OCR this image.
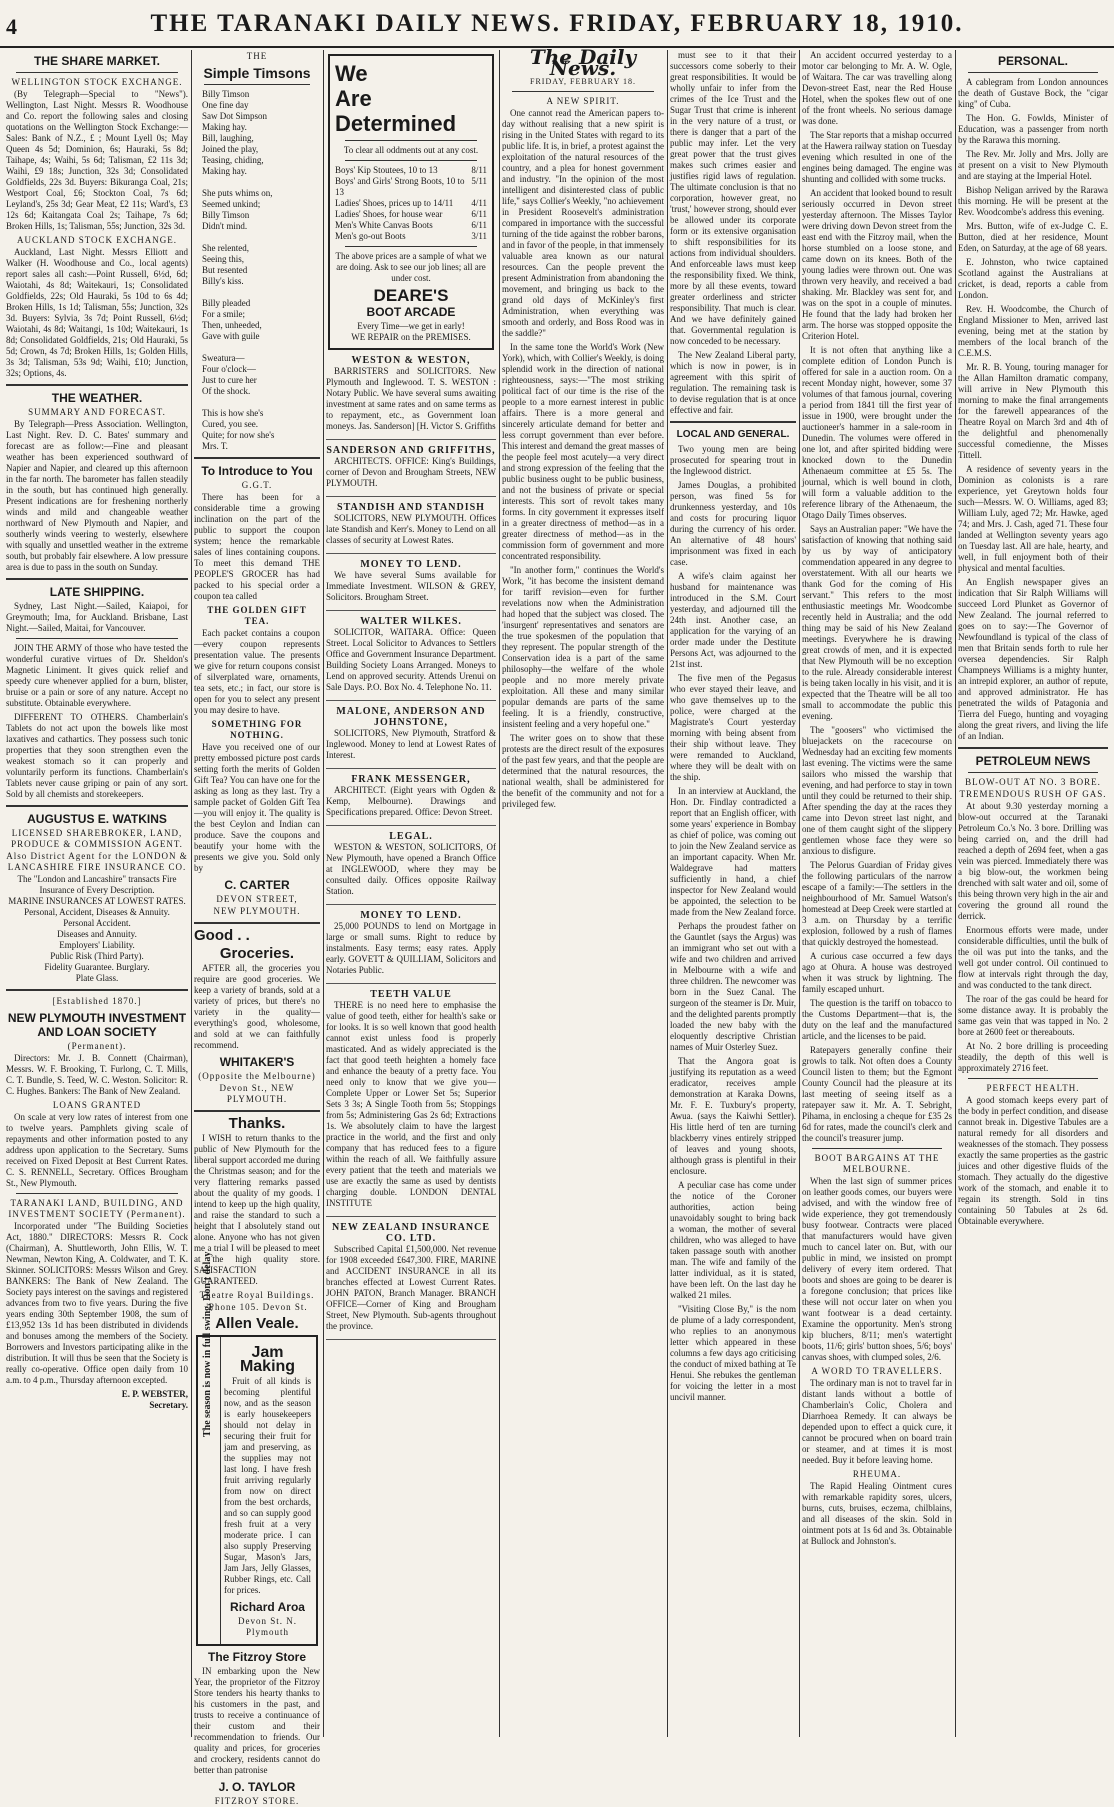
4	THE TARANAKI DAILY NEWS. FRIDAY, FEBRUARY 18, 1910.
THE SHARE MARKET.
WELLINGTON STOCK EXCHANGE.
(By Telegraph—Special to "News"). Wellington, Last Night. Messrs R. Woodhouse and Co. report the following sales and closing quotations on the Wellington Stock Exchange:—Sales: Bank of N.Z., £ ; Mount Lyell 0s; May Queen 4s 5d; Dominion, 6s; Hauraki, 5s 8d; Taihape, 4s; Waihi, 5s 6d; Talisman, £2 11s 3d; Waihi, £9 18s; Junction, 32s 3d; Consolidated Goldfields, 22s 3d. Buyers: Bikuranga Coal, 21s; Westport Coal, £6; Stockton Coal, 7s 6d; Leyland's, 25s 3d; Gear Meat, £2 11s; Ward's, £3 12s 6d; Kaitangata Coal 2s; Taihape, 7s 6d; Broken Hills, 1s; Talisman, 55s; Junction, 32s 3d.
AUCKLAND STOCK EXCHANGE.
Auckland, Last Night. Messrs Elliott and Walker (H. Woodhouse and Co., local agents) report sales all cash:—Point Russell, 6½d, 6d; Waiotahi, 4s 8d; Waitekauri, 1s; Consolidated Goldfields, 22s; Old Hauraki, 5s 10d to 6s 4d; Broken Hills, 1s 1d; Talisman, 55s; Junction, 32s 3d. Buyers: Sylvia, 3s 7d; Point Russell, 6½d; Waiotahi, 4s 8d; Waitangi, 1s 10d; Waitekauri, 1s 8d; Consolidated Goldfields, 21s; Old Hauraki, 5s 5d; Crown, 4s 7d; Broken Hills, 1s; Golden Hills, 3s 3d; Talisman, 53s 9d; Waihi, £10; Junction, 32s; Options, 4s.
THE WEATHER.
SUMMARY AND FORECAST.
By Telegraph—Press Association. Wellington, Last Night. Rev. D. C. Bates' summary and forecast are as follow:—Fine and pleasant weather has been experienced southward of Napier and Napier, and cleared up this afternoon in the far north. The barometer has fallen steadily in the south, but has continued high generally. Present indications are for freshening northerly winds and mild and changeable weather northward of New Plymouth and Napier, and southerly winds veering to westerly, elsewhere with squally and unsettled weather in the extreme south, but probably fair elsewhere. A low pressure area is due to pass in the south on Sunday.
LATE SHIPPING.
Sydney, Last Night.—Sailed, Kaiapoi, for Greymouth; Ima, for Auckland. Brisbane, Last Night.—Sailed, Maitai, for Vancouver.
JOIN THE ARMY of those who have tested the wonderful curative virtues of Dr. Sheldon's Magnetic Liniment. It gives quick relief and speedy cure whenever applied for a burn, blister, bruise or a pain or sore of any nature. Accept no substitute. Obtainable everywhere.
DIFFERENT TO OTHERS. Chamberlain's Tablets do not act upon the bowels like most laxatives and cathartics. They possess such tonic properties that they soon strengthen even the weakest stomach so it can properly and voluntarily perform its functions. Chamberlain's Tablets never cause griping or pain of any sort. Sold by all chemists and storekeepers.
AUGUSTUS E. WATKINS
LICENSED SHAREBROKER, LAND, PRODUCE & COMMISSION AGENT.
Also District Agent for the LONDON & LANCASHIRE FIRE INSURANCE CO.
The "London and Lancashire" transacts Fire Insurance of Every Description.
MARINE INSURANCES AT LOWEST RATES.
Personal, Accident, Diseases & Annuity.
Personal Accident.
Diseases and Annuity.
Employers' Liability.
Public Risk (Third Party).
Fidelity Guarantee. Burglary.
Plate Glass.
[Established 1870.]
NEW PLYMOUTH INVESTMENT AND LOAN SOCIETY
(Permanent).
Directors: Mr. J. B. Connett (Chairman), Messrs. W. F. Brooking, T. Furlong, C. T. Mills, C. T. Bundle, S. Teed, W. C. Weston. Solicitor: R. C. Hughes. Bankers: The Bank of New Zealand.
LOANS GRANTED
On scale at very low rates of interest from one to twelve years. Pamphlets giving scale of repayments and other information posted to any address upon application to the Secretary. Sums received on Fixed Deposit at Best Current Rates. C. S. RENNELL, Secretary. Offices Brougham St., New Plymouth.
TARANAKI LAND, BUILDING, AND INVESTMENT SOCIETY (Permanent).
Incorporated under "The Building Societies Act, 1880." DIRECTORS: Messrs R. Cock (Chairman), A. Shuttleworth, John Ellis, W. T. Newman, Newton King, A. Coldwater, and T. K. Skinner. SOLICITORS: Messrs Wilson and Grey. BANKERS: The Bank of New Zealand. The Society pays interest on the savings and registered advances from two to five years. During the five years ending 30th September 1908, the sum of £13,952 13s 1d has been distributed in dividends and bonuses among the members of the Society. Borrowers and Investors participating alike in the distribution. It will thus be seen that the Society is really co-operative. Office open daily from 10 a.m. to 4 p.m., Thursday afternoon excepted.
E. P. WEBSTER,
Secretary.
THE
Simple Timsons
Billy Timson
One fine day
Saw Dot Simpson
Making hay.
Bill, laughing,
Joined the play,
Teasing, chiding,
Making hay.

She puts whims on,
Seemed unkind;
Billy Timson
Didn't mind.

She relented,
Seeing this,
But resented
Billy's kiss.

Billy pleaded
For a smile;
Then, unheeded,
Gave with guile

Sweatura—
Four o'clock—
Just to cure her
Of the shock.

This is how she's
Cured, you see.
Quite; for now she's
Mrs. T.
To Introduce to You
G.G.T.
There has been for a considerable time a growing inclination on the part of the public to support the coupon system; hence the remarkable sales of lines containing coupons. To meet this demand THE PEOPLE'S GROCER has had packed to his special order a coupon tea called
THE GOLDEN GIFT TEA.
Each packet contains a coupon—every coupon represents presentation value. The presents we give for return coupons consist of silverplated ware, ornaments, tea sets, etc.; in fact, our store is open for you to select any present you may desire to have.
SOMETHING FOR NOTHING.
Have you received one of our pretty embossed picture post cards setting forth the merits of Golden Gift Tea? You can have one for the asking as long as they last. Try a sample packet of Golden Gift Tea—you will enjoy it. The quality is the best Ceylon and Indian can produce. Save the coupons and beautify your home with the presents we give you. Sold only by
C. CARTER
DEVON STREET,
NEW PLYMOUTH.
Good . .
Groceries.
AFTER all, the groceries you require are good groceries. We keep a variety of brands, sold at a variety of prices, but there's no variety in the quality—everything's good, wholesome, and sold at we can faithfully recommend.
WHITAKER'S
(Opposite the Melbourne)
Devon St., NEW PLYMOUTH.
Thanks.
I WISH to return thanks to the public of New Plymouth for the liberal support accorded me during the Christmas season; and for the very flattering remarks passed about the quality of my goods. I intend to keep up the high quality, and raise the standard to such a height that I absolutely stand out alone. Anyone who has not given me a trial I will be pleased to meet at the high quality store. SATISFACTION GUARANTEED.
Theatre Royal Buildings.
'Phone 105. Devon St.
Allen Veale.
Jam Making
The season is now in full swing. Don't delay	Fruit of all kinds is becoming plentiful now, and as the season is early housekeepers should not delay in securing their fruit for jam and preserving, as the supplies may not last long. I have fresh fruit arriving regularly from now on direct from the best orchards, and so can supply good fresh fruit at a very moderate price. I can also supply Preserving Sugar, Mason's Jars, Jam Jars, Jelly Glasses, Rubber Rings, etc. Call for prices.
Richard Aroa
Devon St. N. Plymouth
The Fitzroy Store
IN embarking upon the New Year, the proprietor of the Fitzroy Store tenders his hearty thanks to his customers in the past, and trusts to receive a continuance of their custom and their recommendation to friends. Our quality and prices, for groceries and crockery, residents cannot do better than patronise
J. O. TAYLOR
FITZROY STORE.
We
Are
Determined
To clear all oddments out at any cost.
Boys' Kip Stoutees, 10 to 13	8/11
Boys' and Girls' Strong Boots, 10 to 13
5/11
Ladies' Shoes, prices up to 14/11 4/11
Ladies' Shoes, for house wear	6/11
Men's White Canvas Boots	6/11
Men's go-out Boots	3/11
The above prices are a sample of what we are doing. Ask to see our job lines; all are under cost.
DEARE'S
BOOT ARCADE
Every Time—we get in early!
WE REPAIR on the PREMISES.
WESTON & WESTON,
BARRISTERS and SOLICITORS. New Plymouth and Inglewood. T. S. WESTON : Notary Public. We have several sums awaiting investment at same rates and on same terms as to repayment, etc., as Government loan moneys. Jas. Sanderson] [H. Victor S. Griffiths
SANDERSON AND GRIFFITHS,
ARCHITECTS. OFFICE: King's Buildings, corner of Devon and Brougham Streets, NEW PLYMOUTH.
STANDISH AND STANDISH
SOLICITORS, NEW PLYMOUTH. Offices late Standish and Kerr's. Money to Lend on all classes of security at Lowest Rates.
MONEY TO LEND.
We have several Sums available for Immediate Investment. WILSON & GREY, Solicitors. Brougham Street.
WALTER WILKES.
SOLICITOR, WAITARA. Office: Queen Street. Local Solicitor to Advances to Settlers Office and Government Insurance Department. Building Society Loans Arranged. Moneys to Lend on approved security. Attends Urenui on Sale Days. P.O. Box No. 4. Telephone No. 11.
MALONE, ANDERSON AND JOHNSTONE,
SOLICITORS, New Plymouth, Stratford & Inglewood. Money to lend at Lowest Rates of Interest.
FRANK MESSENGER,
ARCHITECT. (Eight years with Ogden & Kemp, Melbourne). Drawings and Specifications prepared. Office: Devon Street.
LEGAL.
WESTON & WESTON, SOLICITORS, Of New Plymouth, have opened a Branch Office at INGLEWOOD, where they may be consulted daily. Offices opposite Railway Station.
MONEY TO LEND.
25,000 POUNDS to lend on Mortgage in large or small sums. Right to reduce by instalments. Easy terms; easy rates. Apply early. GOVETT & QUILLIAM, Solicitors and Notaries Public.
TEETH VALUE
THERE is no need here to emphasise the value of good teeth, either for health's sake or for looks. It is so well known that good health cannot exist unless food is properly masticated. And as widely appreciated is the fact that good teeth heighten a homely face and enhance the beauty of a pretty face. You need only to know that we give you— Complete Upper or Lower Set 5s; Superior Sets 3 3s; A Single Tooth from 5s; Stoppings from 5s; Administering Gas 2s 6d; Extractions 1s. We absolutely claim to have the largest practice in the world, and the first and only company that has reduced fees to a figure within the reach of all. We faithfully assure every patient that the teeth and materials we use are exactly the same as used by dentists charging double. LONDON DENTAL INSTITUTE
NEW ZEALAND INSURANCE CO. LTD.
Subscribed Capital £1,500,000. Net revenue for 1908 exceeded £647,300. FIRE, MARINE and ACCIDENT INSURANCE in all its branches effected at Lowest Current Rates. JOHN PATON, Branch Manager. BRANCH OFFICE—Corner of King and Brougham Street, New Plymouth. Sub-agents throughout the province.
The Daily News.
FRIDAY, FEBRUARY 18.
A NEW SPIRIT.
One cannot read the American papers to-day without realising that a new spirit is rising in the United States with regard to its public life. It is, in brief, a protest against the exploitation of the natural resources of the country, and a plea for honest government and industry. "In the opinion of the most intelligent and disinterested class of public life," says Collier's Weekly, "no achievement in President Roosevelt's administration compared in importance with the successful turning of the tide against the robber barons, and in favor of the people, in that immensely valuable area known as our natural resources. Can the people prevent the present Administration from abandoning the movement, and bringing us back to the grand old days of McKinley's first Administration, when everything was smooth and orderly, and Boss Rood was in the saddle?"
In the same tone the World's Work (New York), which, with Collier's Weekly, is doing splendid work in the direction of national righteousness, says:—"The most striking political fact of our time is the rise of the people to a more earnest interest in public affairs. There is a more general and sincerely articulate demand for better and less corrupt government than ever before. This interest and demand the great masses of the people feel most acutely—a very direct and strong expression of the feeling that the public business ought to be public business, and not the business of private or special interests. This sort of revolt takes many forms. In city government it expresses itself in a greater directness of method—as in a greater directness of method—as in the commission form of government and more concentrated responsibility.
"In another form," continues the World's Work, "it has become the insistent demand for tariff revision—even for further revelations now when the Administration had hoped that the subject was closed. The 'insurgent' representatives and senators are the true spokesmen of the population that they represent. The popular strength of the Conservation idea is a part of the same philosophy—the welfare of the whole people and no more merely private exploitation. All these and many similar popular demands are parts of the same feeling. It is a friendly, constructive, insistent feeling and a very hopeful one."
The writer goes on to show that these protests are the direct result of the exposures of the past few years, and that the people are determined that the natural resources, the national wealth, shall be administered for the benefit of the community and not for a privileged few.
must see to it that their successors come soberly to their great responsibilities. It would be wholly unfair to infer from the crimes of the Ice Trust and the Sugar Trust that crime is inherent in the very nature of a trust, or there is danger that a part of the public may infer. Let the very great power that the trust gives makes such crimes easier and justifies rigid laws of regulation. The ultimate conclusion is that no corporation, however great, no 'trust,' however strong, should ever be allowed under its corporate form or its extensive organisation to shift responsibilities for its actions from individual shoulders. And enforceable laws must keep the responsibility fixed. We think, more by all these events, toward greater orderliness and stricter responsibility. That much is clear. And we have definitely gained that. Governmental regulation is now conceded to be necessary.
The New Zealand Liberal party, which is now in power, is in agreement with this spirit of regulation. The remaining task is to devise regulation that is at once effective and fair.
LOCAL AND GENERAL.
Two young men are being prosecuted for spearing trout in the Inglewood district.
James Douglas, a prohibited person, was fined 5s for drunkenness yesterday, and 10s and costs for procuring liquor during the currency of his order. An alternative of 48 hours' imprisonment was fixed in each case.
A wife's claim against her husband for maintenance was introduced in the S.M. Court yesterday, and adjourned till the 24th inst. Another case, an application for the varying of an order made under the Destitute Persons Act, was adjourned to the 21st inst.
The five men of the Pegasus who ever stayed their leave, and who gave themselves up to the police, were charged at the Magistrate's Court yesterday morning with being absent from their ship without leave. They were remanded to Auckland, where they will be dealt with on the ship.
In an interview at Auckland, the Hon. Dr. Findlay contradicted a report that an English officer, with some years' experience in Bombay as chief of police, was coming out to join the New Zealand service as an important capacity. When Mr. Waldegrave had matters sufficiently in hand, a chief inspector for New Zealand would be appointed, the selection to be made from the New Zealand force.
Perhaps the proudest father on the Gauntlet (says the Argus) was an immigrant who set out with a wife and two children and arrived in Melbourne with a wife and three children. The newcomer was born in the Suez Canal. The surgeon of the steamer is Dr. Muir, and the delighted parents promptly loaded the new baby with the eloquently descriptive Christian names of Muir Osterley Suez.
That the Angora goat is justifying its reputation as a weed eradicator, receives ample demonstration at Karaka Downs, Mr. F. E. Tuxbury's property, Awua. (says the Kaiwhi Settler). His little herd of ten are turning blackberry vines entirely stripped of leaves and young shoots, although grass is plentiful in their enclosure.
A peculiar case has come under the notice of the Coroner authorities, action being unavoidably sought to bring back a woman, the mother of several children, who was alleged to have taken passage south with another man. The wife and family of the latter individual, as it is stated, have been left. On the last day he walked 21 miles.
"Visiting Close By," is the nom de plume of a lady correspondent, who replies to an anonymous letter which appeared in these columns a few days ago criticising the conduct of mixed bathing at Te Henui. She rebukes the gentleman for voicing the letter in a most uncivil manner.
An accident occurred yesterday to a motor car belonging to Mr. A. W. Ogle, of Waitara. The car was travelling along Devon-street East, near the Red House Hotel, when the spokes flew out of one of the front wheels. No serious damage was done.
The Star reports that a mishap occurred at the Hawera railway station on Tuesday evening which resulted in one of the engines being damaged. The engine was shunting and collided with some trucks.
An accident that looked bound to result seriously occurred in Devon street yesterday afternoon. The Misses Taylor were driving down Devon street from the east end with the Fitzroy mail, when the horse stumbled on a loose stone, and came down on its knees. Both of the young ladies were thrown out. One was thrown very heavily, and received a bad shaking. Mr. Blackley was sent for, and was on the spot in a couple of minutes. He found that the lady had broken her arm. The horse was stopped opposite the Criterion Hotel.
It is not often that anything like a complete edition of London Punch is offered for sale in a auction room. On a recent Monday night, however, some 37 volumes of that famous journal, covering a period from 1841 till the first year of issue in 1900, were brought under the auctioneer's hammer in a sale-room in Dunedin. The volumes were offered in one lot, and after spirited bidding were knocked down to the Dunedin Athenaeum committee at £5 5s. The journal, which is well bound in cloth, will form a valuable addition to the reference library of the Athenaeum, the Otago Daily Times observes.
Says an Australian paper: "We have the satisfaction of knowing that nothing said by us by way of anticipatory commendation appeared in any degree to overstatement. With all our hearts we thank God for the coming of His servant." This refers to the most enthusiastic meetings Mr. Woodcombe recently held in Australia; and the odd thing may be said of his New Zealand meetings. Everywhere he is drawing great crowds of men, and it is expected that New Plymouth will be no exception to the rule. Already considerable interest is being taken locally in his visit, and it is expected that the Theatre will be all too small to accommodate the public this evening.
The "goosers" who victimised the bluejackets on the racecourse on Wednesday had an exciting few moments last evening. The victims were the same sailors who missed the warship that evening, and had perforce to stay in town until they could be returned to their ship. After spending the day at the races they came into Devon street last night, and one of them caught sight of the slippery gentlemen whose face they were so anxious to disfigure.
The Pelorus Guardian of Friday gives the following particulars of the narrow escape of a family:—The settlers in the neighbourhood of Mr. Samuel Watson's homestead at Deep Creek were startled at 3 a.m. on Thursday by a terrific explosion, followed by a rush of flames that quickly destroyed the homestead.
A curious case occurred a few days ago at Ohura. A house was destroyed when it was struck by lightning. The family escaped unhurt.
The question is the tariff on tobacco to the Customs Department—that is, the duty on the leaf and the manufactured article, and the licenses to be paid.
Ratepayers generally confine their growls to talk. Not often does a County Council listen to them; but the Egmont County Council had the pleasure at its last meeting of seeing itself as a ratepayer saw it. Mr. A. T. Sebright, Pihama, in enclosing a cheque for £35 2s 6d for rates, made the council's clerk and the council's treasurer jump.
BOOT BARGAINS AT THE MELBOURNE.
When the last sign of summer prices on leather goods comes, our buyers were advised, and with the window free of wide experience, they got tremendously busy footwear. Contracts were placed that manufacturers would have given much to cancel later on. But, with our public in mind, we insisted on prompt delivery of every item ordered. That boots and shoes are going to be dearer is a foregone conclusion; that prices like these will not occur later on when you want footwear is a dead certainty. Examine the opportunity. Men's strong kip bluchers, 8/11; men's watertight boots, 11/6; girls' button shoes, 5/6; boys' canvas shoes, with clumped soles, 2/6.
A WORD TO TRAVELLERS.
The ordinary man is not to travel far in distant lands without a bottle of Chamberlain's Colic, Cholera and Diarrhoea Remedy. It can always be depended upon to effect a quick cure, it cannot be procured when on board train or steamer, and at times it is most needed. Buy it before leaving home.
RHEUMA.
The Rapid Healing Ointment cures with remarkable rapidity sores, ulcers, burns, cuts, bruises, eczema, chilblains, and all diseases of the skin. Sold in ointment pots at 1s 6d and 3s. Obtainable at Bullock and Johnston's.
PERSONAL.
A cablegram from London announces the death of Gustave Bock, the "cigar king" of Cuba.
The Hon. G. Fowlds, Minister of Education, was a passenger from north by the Rarawa this morning.
The Rev. Mr. Jolly and Mrs. Jolly are at present on a visit to New Plymouth and are staying at the Imperial Hotel.
Bishop Neligan arrived by the Rarawa this morning. He will be present at the Rev. Woodcombe's address this evening.
Mrs. Button, wife of ex-Judge C. E. Button, died at her residence, Mount Eden, on Saturday, at the age of 68 years.
E. Johnston, who twice captained Scotland against the Australians at cricket, is dead, reports a cable from London.
Rev. H. Woodcombe, the Church of England Missioner to Men, arrived last evening, being met at the station by members of the local branch of the C.E.M.S.
Mr. R. B. Young, touring manager for the Allan Hamilton dramatic company, will arrive in New Plymouth this morning to make the final arrangements for the farewell appearances of the Theatre Royal on March 3rd and 4th of the delightful and phenomenally successful comedienne, the Misses Tittell.
A residence of seventy years in the Dominion as colonists is a rare experience, yet Greytown holds four such—Messrs. W. O. Williams, aged 83; William Luly, aged 72; Mr. Hawke, aged 74; and Mrs. J. Cash, aged 71. These four landed at Wellington seventy years ago on Tuesday last. All are hale, hearty, and well, in full enjoyment both of their physical and mental faculties.
An English newspaper gives an indication that Sir Ralph Williams will succeed Lord Plunket as Governor of New Zealand. The journal referred to goes on to say:—The Governor of Newfoundland is typical of the class of men that Britain sends forth to rule her oversea dependencies. Sir Ralph Champneys Williams is a mighty hunter, an intrepid explorer, an author of repute, and approved administrator. He has penetrated the wilds of Patagonia and Tierra del Fuego, hunting and voyaging along the great rivers, and living the life of an Indian.
PETROLEUM NEWS
BLOW-OUT AT NO. 3 BORE.
TREMENDOUS RUSH OF GAS.
At about 9.30 yesterday morning a blow-out occurred at the Taranaki Petroleum Co.'s No. 3 bore. Drilling was being carried on, and the drill had reached a depth of 2694 feet, when a gas vein was pierced. Immediately there was a big blow-out, the workmen being drenched with salt water and oil, some of this being thrown very high in the air and covering the ground all round the derrick.
Enormous efforts were made, under considerable difficulties, until the bulk of the oil was put into the tanks, and the well got under control. Oil continued to flow at intervals right through the day, and was conducted to the tank direct.
The roar of the gas could be heard for some distance away. It is probably the same gas vein that was tapped in No. 2 bore at 2600 feet or thereabouts.
At No. 2 bore drilling is proceeding steadily, the depth of this well is approximately 2716 feet.
PERFECT HEALTH.
A good stomach keeps every part of the body in perfect condition, and disease cannot break in. Digestive Tabules are a natural remedy for all disorders and weaknesses of the stomach. They possess exactly the same properties as the gastric juices and other digestive fluids of the stomach. They actually do the digestive work of the stomach, and enable it to regain its strength. Sold in tins containing 50 Tabules at 2s 6d. Obtainable everywhere.
